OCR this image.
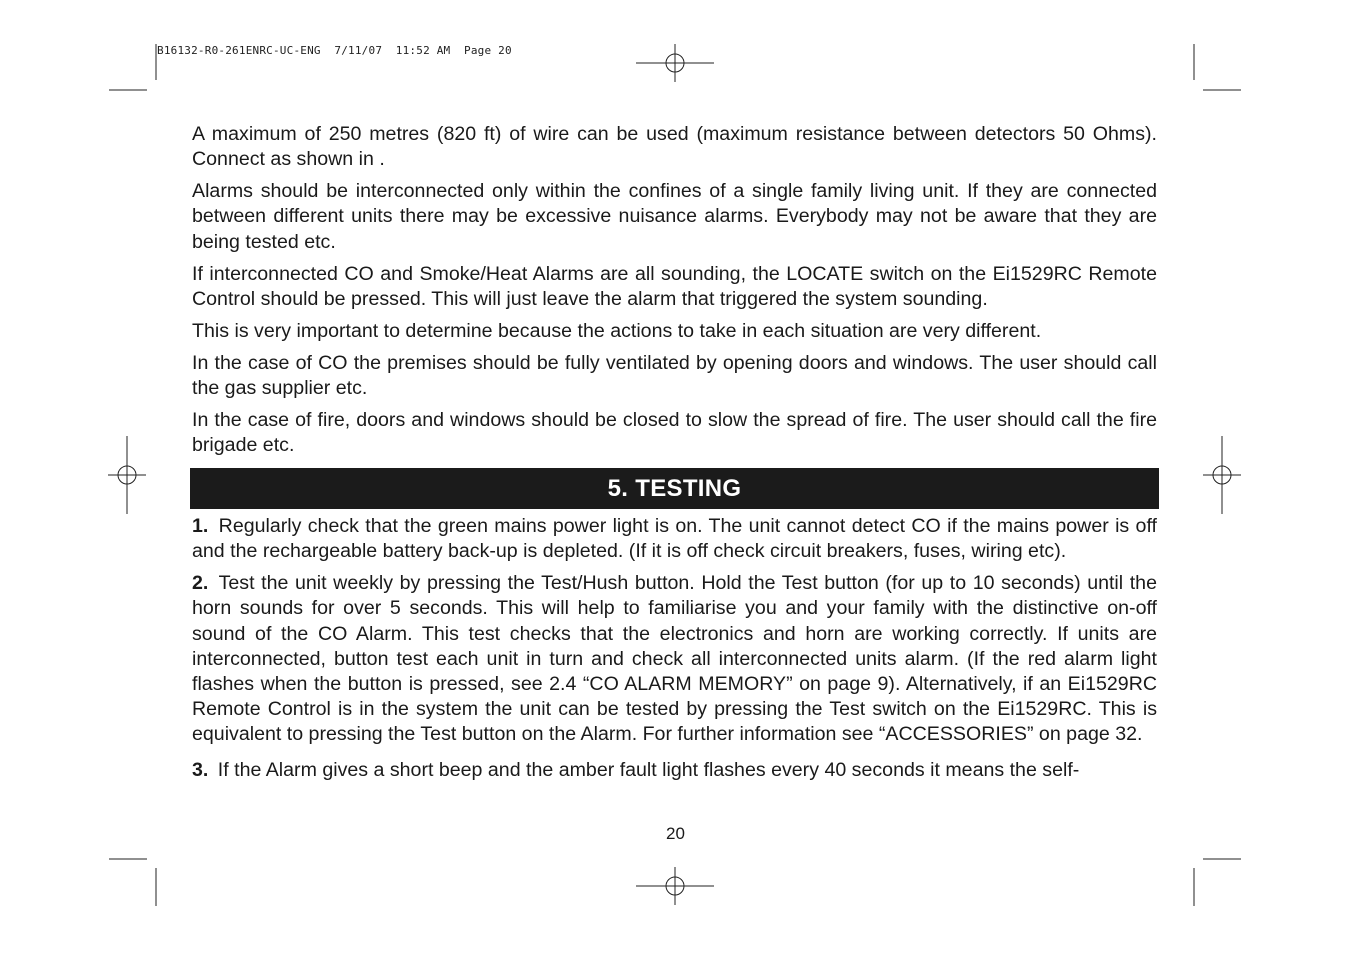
B16132-R0-261ENRC-UC-ENG  7/11/07  11:52 AM  Page 20

A maximum of 250 metres (820 ft) of wire can be used (maximum resistance between detectors 50 Ohms). Connect as shown in .

Alarms should be interconnected only within the confines of a single family living unit. If they are connected between different units there may be excessive nuisance alarms. Everybody may not be aware that they are being tested etc.

If interconnected CO and Smoke/Heat Alarms are all sounding, the LOCATE switch on the Ei1529RC Remote Control should be pressed. This will just leave the alarm that triggered the system sounding.

This is very important to determine because the actions to take in each situation are very different.

In the case of CO the premises should be fully ventilated by opening doors and windows. The user should call the gas supplier etc.

In the case of fire, doors and windows should be closed to slow the spread of fire. The user should call the fire brigade etc.

5. TESTING

1. Regularly check that the green mains power light is on. The unit cannot detect CO if the mains power is off and the rechargeable battery back-up is depleted. (If it is off check circuit breakers, fuses, wiring etc).

2. Test the unit weekly by pressing the Test/Hush button. Hold the Test button (for up to 10 seconds) until the horn sounds for over 5 seconds. This will help to familiarise you and your family with the distinctive on-off sound of the CO Alarm. This test checks that the electronics and horn are working correctly. If units are interconnected, button test each unit in turn and check all interconnected units alarm. (If the red alarm light flashes when the button is pressed, see 2.4 “CO ALARM MEMORY” on page 9). Alternatively, if an Ei1529RC Remote Control is in the system the unit can be tested by pressing the Test switch on the Ei1529RC. This is equivalent to pressing the Test button on the Alarm. For further information see “ACCESSORIES” on page 32.

3. If the Alarm gives a short beep and the amber fault light flashes every 40 seconds it means the self-

20
